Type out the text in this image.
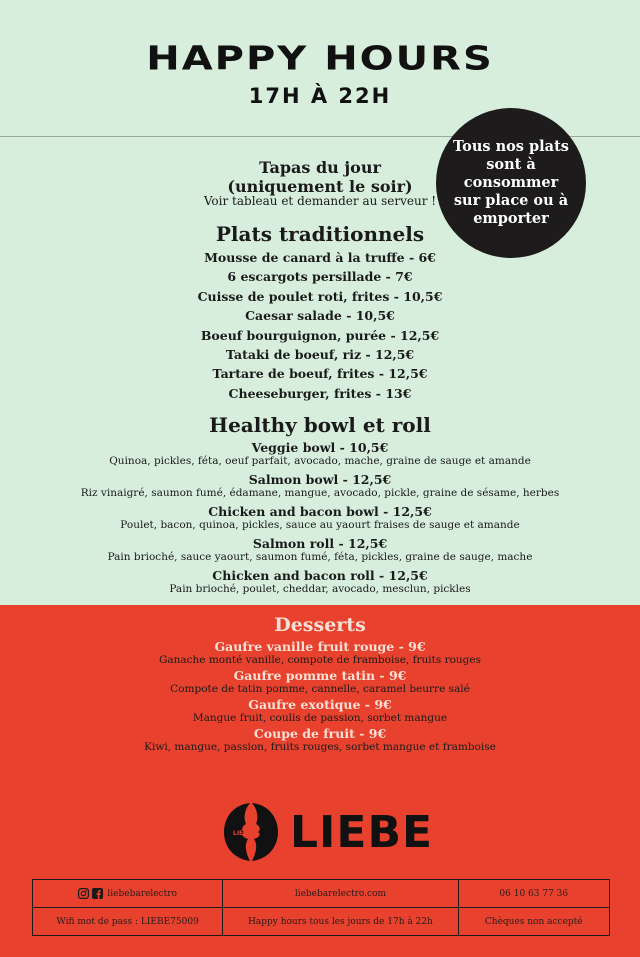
HAPPY HOURS
17H À 22H
Tous nos plats sont à consommer sur place ou à emporter
Tapas du jour
(uniquement le soir)
Voir tableau et demander au serveur !
Plats traditionnels
Mousse de canard à la truffe - 6€
6 escargots persillade - 7€
Cuisse de poulet roti, frites - 10,5€
Caesar salade - 10,5€
Boeuf bourguignon, purée - 12,5€
Tataki de boeuf, riz - 12,5€
Tartare de boeuf, frites - 12,5€
Cheeseburger, frites - 13€
Healthy bowl et roll
Veggie bowl - 10,5€
Quinoa, pickles, féta, oeuf parfait, avocado, mache, graine de sauge et amande
Salmon bowl - 12,5€
Riz vinaigré, saumon fumé, édamane, mangue, avocado, pickle, graine de sésame, herbes
Chicken and bacon bowl - 12,5€
Poulet, bacon, quinoa, pickles, sauce au yaourt fraises de sauge et amande
Salmon roll - 12,5€
Pain brioché, sauce yaourt, saumon fumé, féta, pickles, graine de sauge, mache
Chicken and bacon roll - 12,5€
Pain brioché, poulet, cheddar, avocado, mesclun, pickles
Desserts
Gaufre vanille fruit rouge - 9€
Ganache monté vanille, compote de framboise, fruits rouges
Gaufre pomme tatin - 9€
Compote de tatin pomme, cannelle, caramel beurre salé
Gaufre exotique - 9€
Mangue fruit, coulis de passion, sorbet mangue
Coupe de fruit - 9€
Kiwi, mangue, passion, fruits rouges, sorbet mangue et framboise
LIEBE LIEBE
liebebarelectro	liebebarelectro.com	06 10 63 77 36
Wifi mot de pass : LIEBE75009	Happy hours tous les jours de 17h à 22h	Chèques non accepté
